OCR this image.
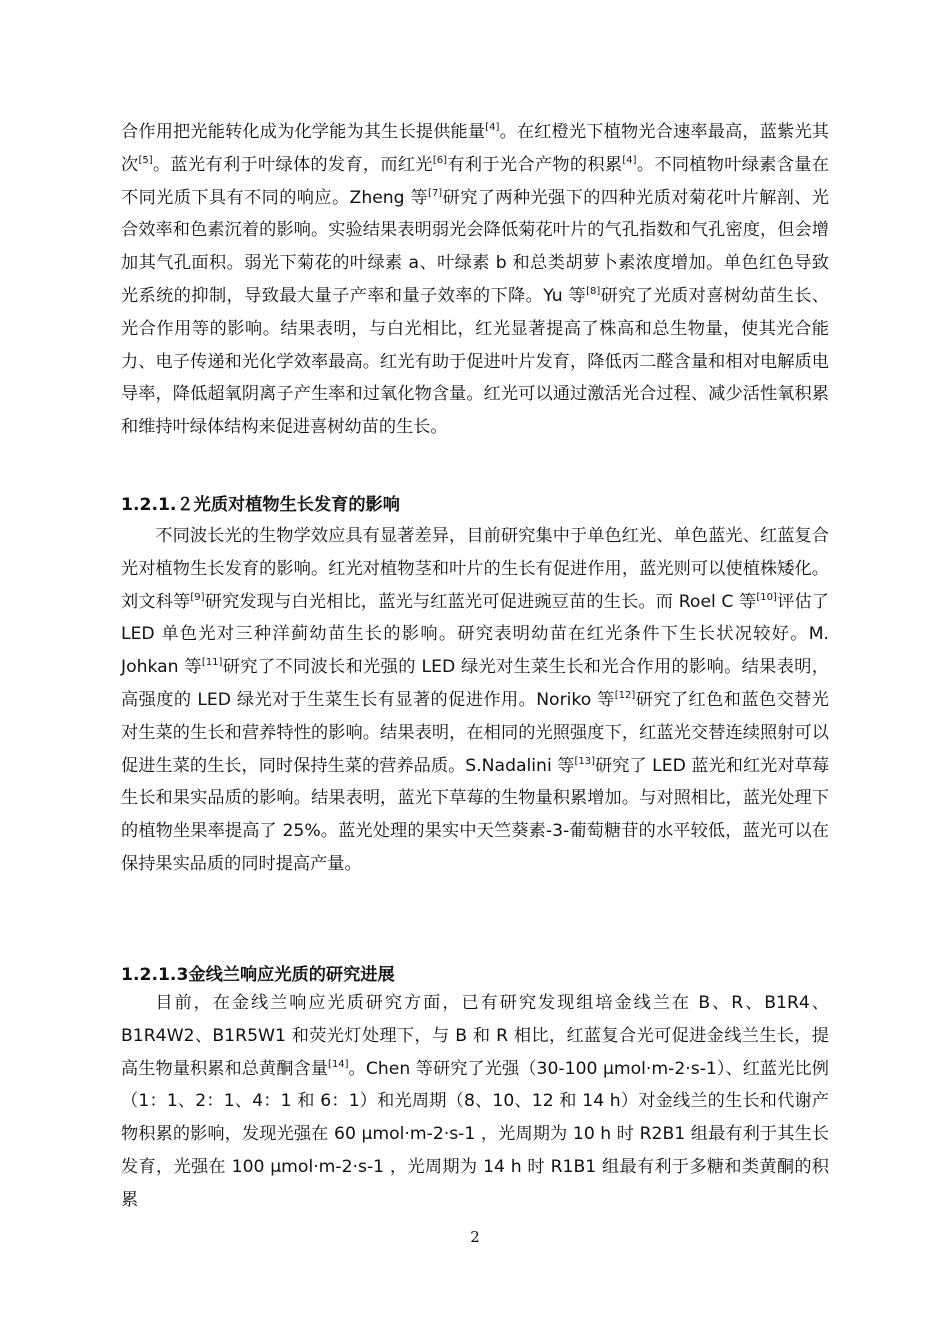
合作用把光能转化成为化学能为其生长提供能量[4]。在红橙光下植物光合速率最高，蓝紫光其次[5]。蓝光有利于叶绿体的发育，而红光[6]有利于光合产物的积累[4]。不同植物叶绿素含量在不同光质下具有不同的响应。Zheng 等[7]研究了两种光强下的四种光质对菊花叶片解剖、光合效率和色素沉着的影响。实验结果表明弱光会降低菊花叶片的气孔指数和气孔密度，但会增加其气孔面积。弱光下菊花的叶绿素 a、叶绿素 b 和总类胡萝卜素浓度增加。单色红色导致光系统的抑制，导致最大量子产率和量子效率的下降。Yu 等[8]研究了光质对喜树幼苗生长、光合作用等的影响。结果表明，与白光相比，红光显著提高了株高和总生物量，使其光合能力、电子传递和光化学效率最高。红光有助于促进叶片发育，降低丙二醛含量和相对电解质电导率，降低超氧阴离子产生率和过氧化物含量。红光可以通过激活光合过程、减少活性氧积累和维持叶绿体结构来促进喜树幼苗的生长。

1.2.1.２光质对植物生长发育的影响

不同波长光的生物学效应具有显著差异，目前研究集中于单色红光、单色蓝光、红蓝复合光对植物生长发育的影响。红光对植物茎和叶片的生长有促进作用，蓝光则可以使植株矮化。刘文科等[9]研究发现与白光相比，蓝光与红蓝光可促进豌豆苗的生长。而 Roel C 等[10]评估了 LED 单色光对三种洋蓟幼苗生长的影响。研究表明幼苗在红光条件下生长状况较好。M. Johkan 等[11]研究了不同波长和光强的 LED 绿光对生菜生长和光合作用的影响。结果表明，高强度的 LED 绿光对于生菜生长有显著的促进作用。Noriko 等[12]研究了红色和蓝色交替光对生菜的生长和营养特性的影响。结果表明，在相同的光照强度下，红蓝光交替连续照射可以促进生菜的生长，同时保持生菜的营养品质。S.Nadalini 等[13]研究了 LED 蓝光和红光对草莓生长和果实品质的影响。结果表明，蓝光下草莓的生物量积累增加。与对照相比，蓝光处理下的植物坐果率提高了 25%。蓝光处理的果实中天竺葵素-3-葡萄糖苷的水平较低，蓝光可以在保持果实品质的同时提高产量。

1.2.1.3金线兰响应光质的研究进展

目前，在金线兰响应光质研究方面，已有研究发现组培金线兰在 B、R、B1R4、B1R4W2、B1R5W1 和荧光灯处理下，与 B 和 R 相比，红蓝复合光可促进金线兰生长，提高生物量积累和总黄酮含量[14]。Chen 等研究了光强（30-100 μmol·m-2·s-1）、红蓝光比例（1：1、2：1、4：1 和 6：1）和光周期（8、10、12 和 14 h）对金线兰的生长和代谢产物积累的影响，发现光强在 60 μmol·m-2·s-1 ，光周期为 10 h 时 R2B1 组最有利于其生长发育，光强在 100 μmol·m-2·s-1 ，光周期为 14 h 时 R1B1 组最有利于多糖和类黄酮的积累

2
